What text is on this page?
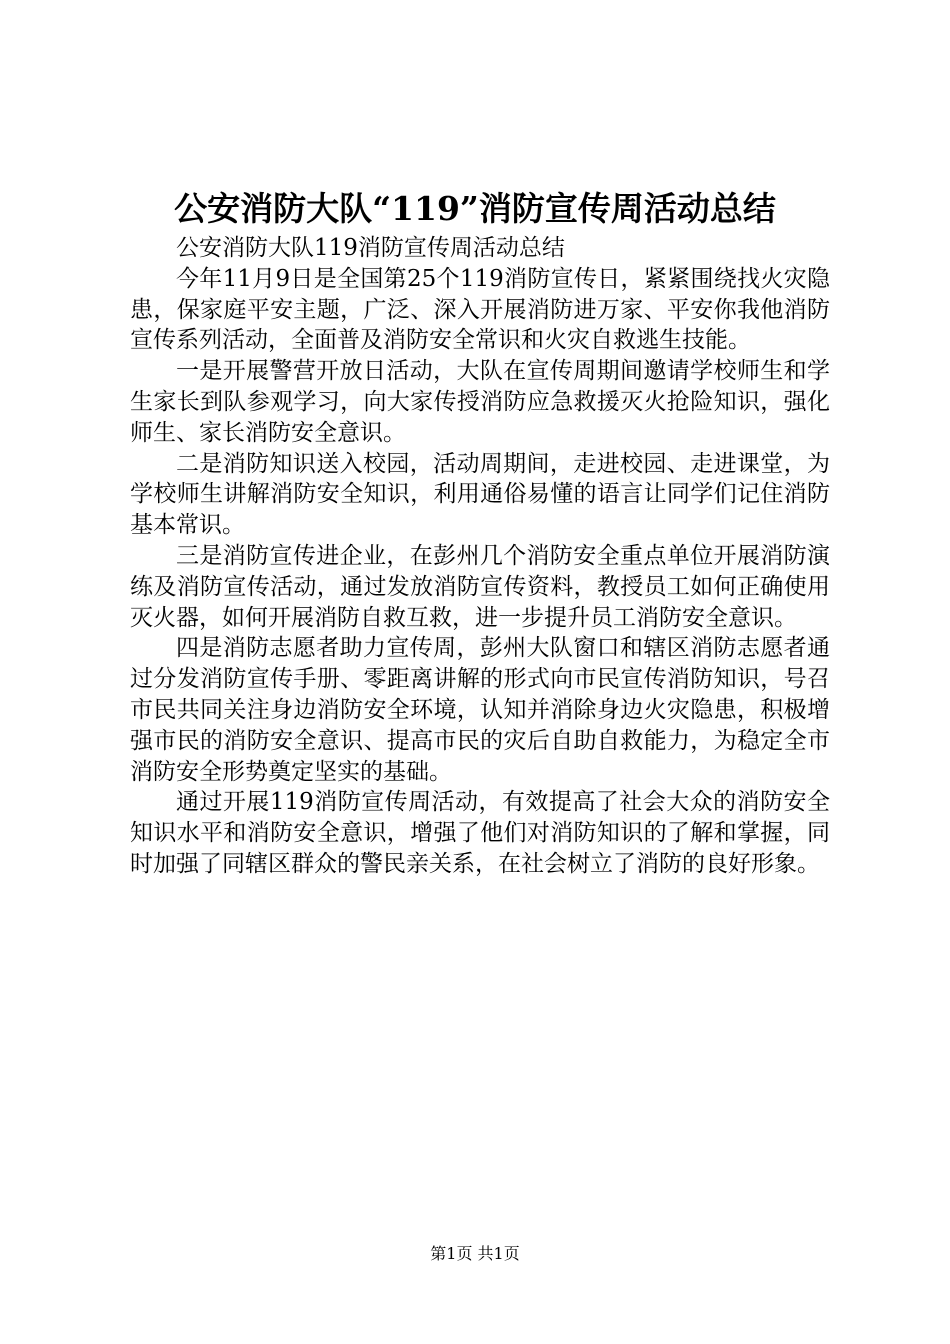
公安消防大队“119”消防宣传周活动总结

公安消防大队119消防宣传周活动总结

今年11月9日是全国第25个119消防宣传日，紧紧围绕找火灾隐患，保家庭平安主题，广泛、深入开展消防进万家、平安你我他消防宣传系列活动，全面普及消防安全常识和火灾自救逃生技能。

一是开展警营开放日活动，大队在宣传周期间邀请学校师生和学生家长到队参观学习，向大家传授消防应急救援灭火抢险知识，强化师生、家长消防安全意识。

二是消防知识送入校园，活动周期间，走进校园、走进课堂，为学校师生讲解消防安全知识，利用通俗易懂的语言让同学们记住消防基本常识。

三是消防宣传进企业，在彭州几个消防安全重点单位开展消防演练及消防宣传活动，通过发放消防宣传资料，教授员工如何正确使用灭火器，如何开展消防自救互救，进一步提升员工消防安全意识。

四是消防志愿者助力宣传周，彭州大队窗口和辖区消防志愿者通过分发消防宣传手册、零距离讲解的形式向市民宣传消防知识，号召市民共同关注身边消防安全环境，认知并消除身边火灾隐患，积极增强市民的消防安全意识、提高市民的灾后自助自救能力，为稳定全市消防安全形势奠定坚实的基础。

通过开展119消防宣传周活动，有效提高了社会大众的消防安全知识水平和消防安全意识，增强了他们对消防知识的了解和掌握，同时加强了同辖区群众的警民亲关系，在社会树立了消防的良好形象。

第1页 共1页
